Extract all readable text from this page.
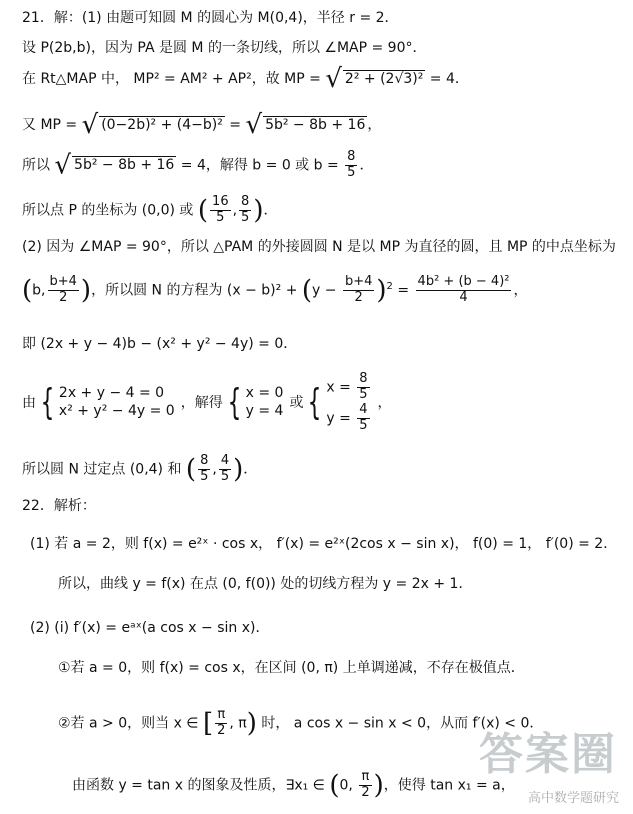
21．解：(1) 由题可知圆 M 的圆心为 M(0,4)，半径 r = 2．
设 P(2b,b)，因为 PA 是圆 M 的一条切线，所以 ∠MAP = 90°．
在 Rt△MAP 中， MP² = AM² + AP²，故 MP = √ 2² + (2√3)² = 4．
又 MP = √ (0−2b)² + (4−b)² = √ 5b² − 8b + 16 ，
所以 √ 5b² − 8b + 16 = 4，解得 b = 0 或 $b = \frac{8}{5}$ ．
所以点 P 的坐标为 (0,0) 或 ( $\frac{16}{5}$ , $\frac{8}{5}$ )．
(2) 因为 ∠MAP = 90°，所以 △PAM 的外接圆圆 N 是以 MP 为直径的圆，且 MP 的中点坐标为
(b, $\frac{b+4}{2}$ )，所以圆 N 的方程为 $(x - b)^2 + (y - \frac{b+4}{2} )^2 = \frac{\text{4b² + (b − 4)²}}{4}$ ，
即 (2x + y − 4)b − (x² + y² − 4y) = 0．
由 { 2x + y − 4 = 0
x² + y² − 4y = 0 ，解得 { x = 0
y = 4 或 { $x = \frac{8}{5}$
$y = \frac{4}{5}$ ，
所以圆 N 过定点 (0,4) 和 ( $\frac{8}{5}$ , $\frac{4}{5}$ )．
22．解析：
(1) 若 a = 2，则 f(x) = e²ˣ · cos x， f′(x) = e²ˣ(2cos x − sin x)， f(0) = 1， f′(0) = 2．
所以，曲线 y = f(x) 在点 (0, f(0)) 处的切线方程为 y = 2x + 1．
(2) (i) f′(x) = eᵃˣ(a cos x − sin x)．
①若 a = 0，则 f(x) = cos x，在区间 (0, π) 上单调递减，不存在极值点．
②若 a > 0，则当 x ∈ [ $\frac{\pi}{2}$ , π) 时， a cos x − sin x < 0，从而 f′(x) < 0．
由函数 y = tan x 的图象及性质，∃x₁ ∈ (0, $\frac{\pi}{2}$ )，使得 tan x₁ = a，
答案圈
高中数学题研究
